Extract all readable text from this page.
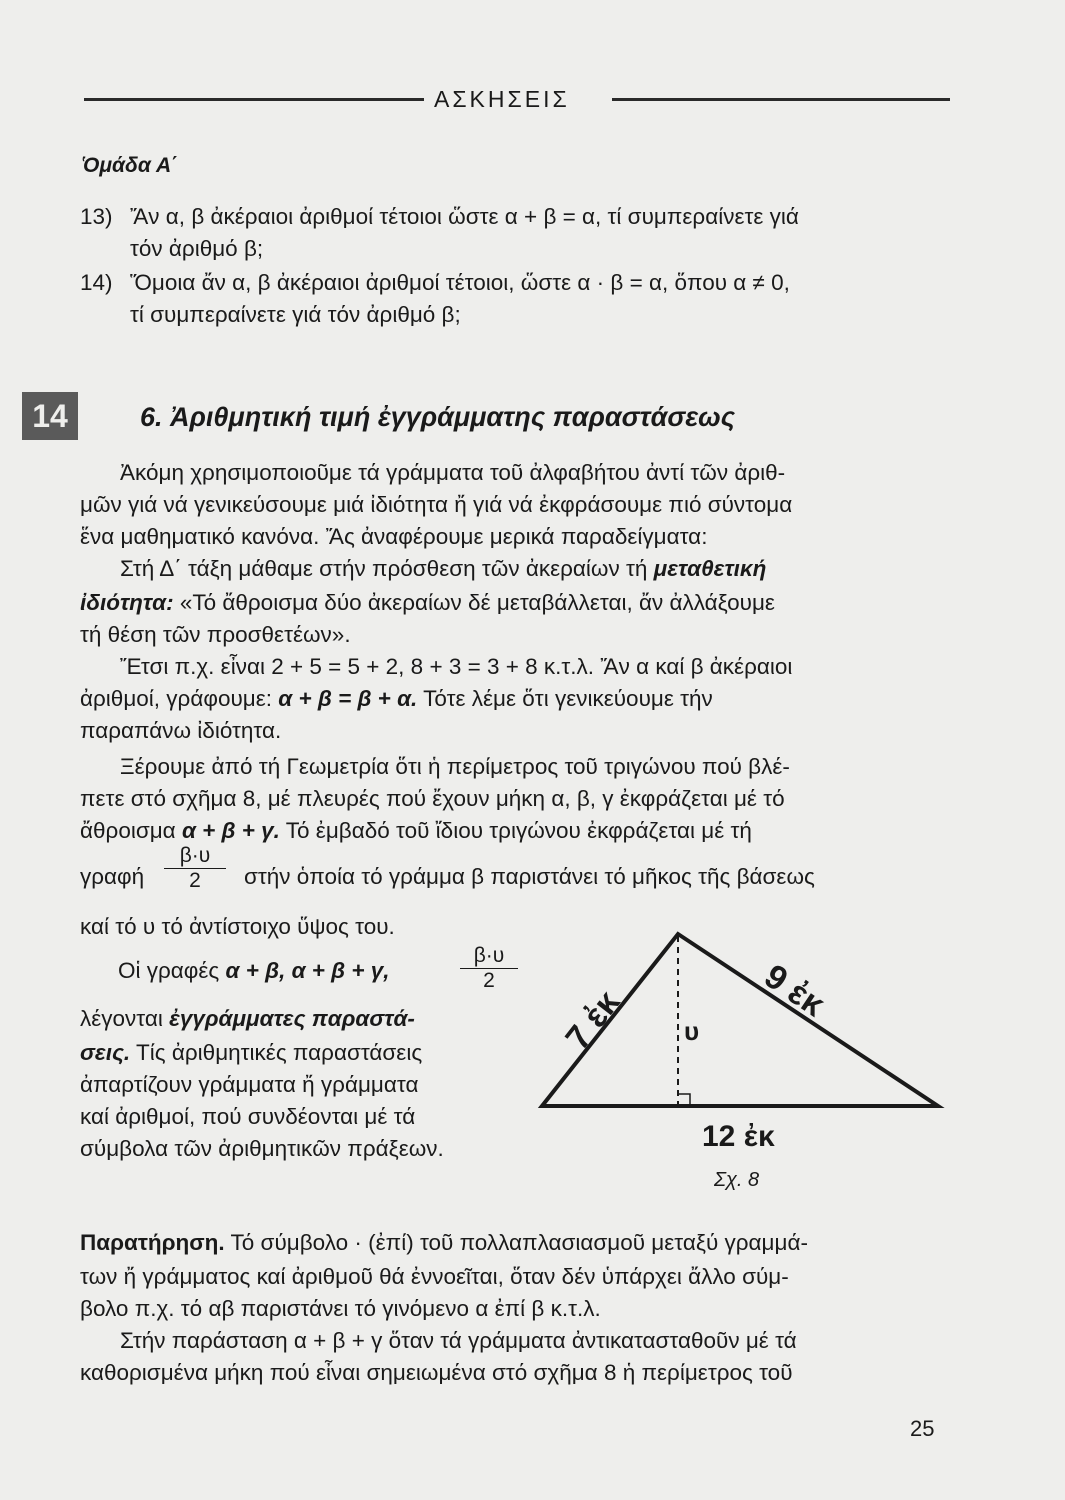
ΑΣΚΗΣΕΙΣ
Ὁμάδα Α΄
13) Ἄν α, β ἀκέραιοι ἀριθμοί τέτοιοι ὥστε α + β = α, τί συμπεραίνετε γιά
τόν ἀριθμό β;
14) Ὅμοια ἄν α, β ἀκέραιοι ἀριθμοί τέτοιοι, ὥστε α · β = α, ὅπου α ≠ 0,
τί συμπεραίνετε γιά τόν ἀριθμό β;
14	6. Ἀριθμητική τιμή ἐγγράμματης παραστάσεως
Ἀκόμη χρησιμοποιοῦμε τά γράμματα τοῦ ἀλφαβήτου ἀντί τῶν ἀριθ-
μῶν γιά νά γενικεύσουμε μιά ἰδιότητα ἤ γιά νά ἐκφράσουμε πιό σύντομα
ἕνα μαθηματικό κανόνα. Ἄς ἀναφέρουμε μερικά παραδείγματα:
Στή Δ΄ τάξη μάθαμε στήν πρόσθεση τῶν ἀκεραίων τή μεταθετική
ἰδιότητα: «Τό ἄθροισμα δύο ἀκεραίων δέ μεταβάλλεται, ἄν ἀλλάξουμε
τή θέση τῶν προσθετέων».
Ἔτσι π.χ. εἶναι 2 + 5 = 5 + 2, 8 + 3 = 3 + 8 κ.τ.λ. Ἄν α καί β ἀκέραιοι
ἀριθμοί, γράφουμε: α + β = β + α. Τότε λέμε ὅτι γενικεύουμε τήν
παραπάνω ἰδιότητα.
Ξέρουμε ἀπό τή Γεωμετρία ὅτι ἡ περίμετρος τοῦ τριγώνου πού βλέ-
πετε στό σχῆμα 8, μέ πλευρές πού ἔχουν μήκη α, β, γ ἐκφράζεται μέ τό
ἄθροισμα α + β + γ. Τό ἐμβαδό τοῦ ἴδιου τριγώνου ἐκφράζεται μέ τή
γραφή $\frac{\beta\cdot\upsilon}{2}$ στήν ὁποία τό γράμμα β παριστάνει τό μῆκος τῆς βάσεως
καί τό υ τό ἀντίστοιχο ὕψος του.
Οἱ γραφές α + β, α + β + γ,	$\frac{\beta\cdot\upsilon}{2}$
λέγονται ἐγγράμματες παραστά-
σεις. Τίς ἀριθμητικές παραστάσεις
ἀπαρτίζουν γράμματα ἤ γράμματα
καί ἀριθμοί, πού συνδέονται μέ τά
σύμβολα τῶν ἀριθμητικῶν πράξεων.
υ
7 ἐκ	9 ἐκ
12 ἐκ
Σχ. 8
Παρατήρηση. Τό σύμβολο · (ἐπί) τοῦ πολλαπλασιασμοῦ μεταξύ γραμμά-
των ἤ γράμματος καί ἀριθμοῦ θά ἐννοεῖται, ὅταν δέν ὑπάρχει ἄλλο σύμ-
βολο π.χ. τό αβ παριστάνει τό γινόμενο α ἐπί β κ.τ.λ.
Στήν παράσταση α + β + γ ὅταν τά γράμματα ἀντικατασταθοῦν μέ τά
καθορισμένα μήκη πού εἶναι σημειωμένα στό σχῆμα 8 ἡ περίμετρος τοῦ
25
